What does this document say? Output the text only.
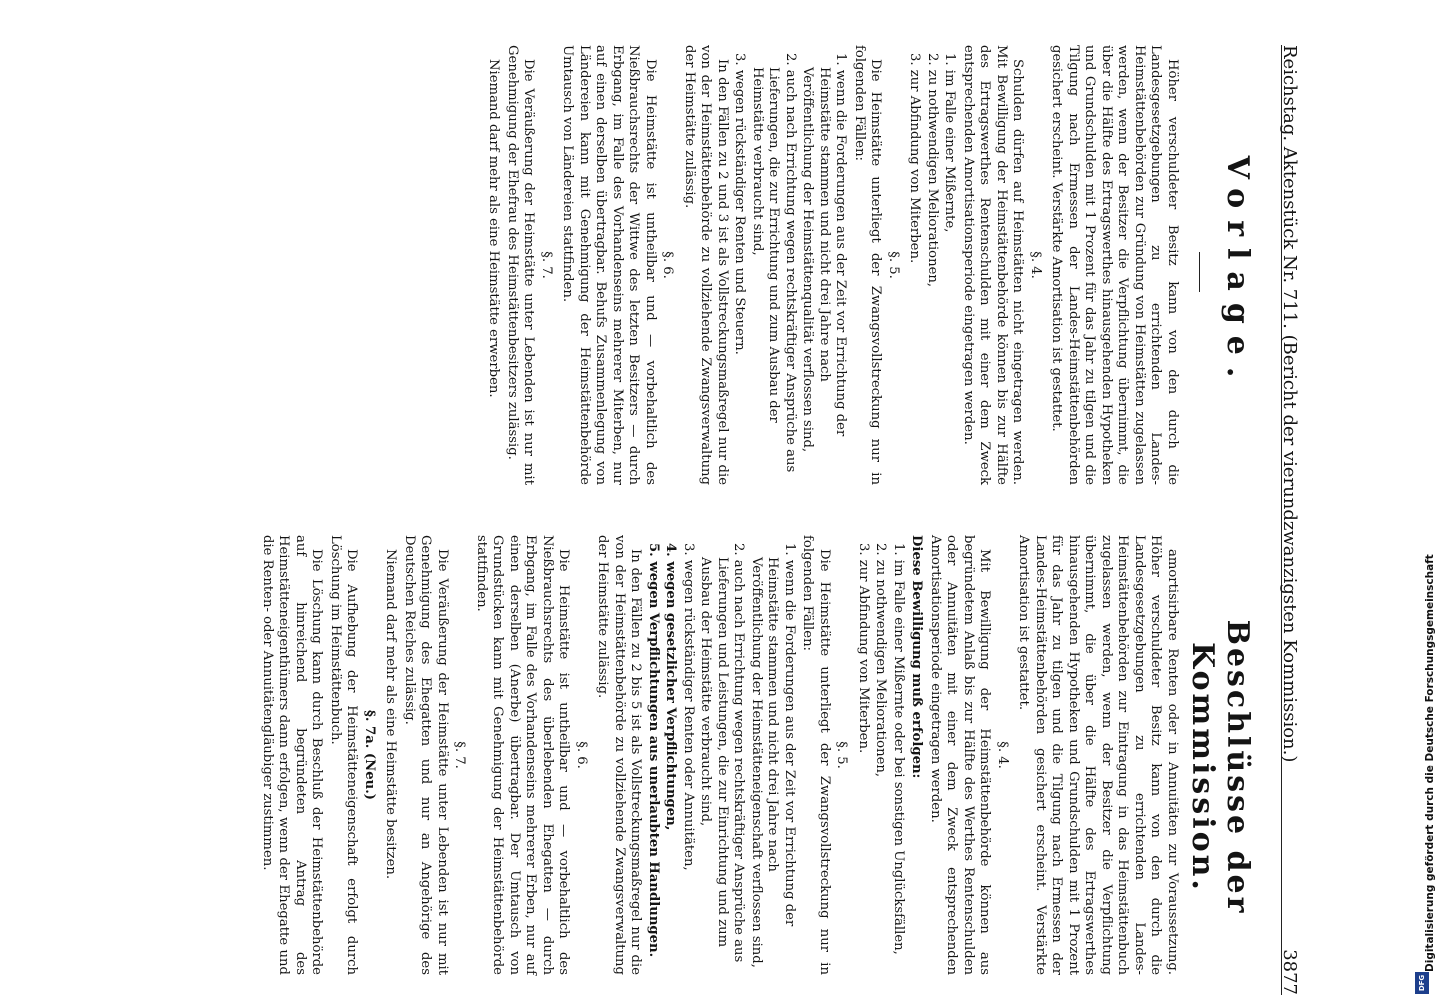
Reichstag. Aktenstück Nr. 711. (Bericht der vierundzwanzigsten Kommission.)
3877
Vorlage.
Beschlüsse der Kommission.

Höher verschuldeter Besitz kann von den durch die Landesgesetzgebungen zu errichtenden Landes-Heimstättenbehörden zur Gründung von Heimstätten zugelassen werden, wenn der Besitzer die Verpflichtung übernimmt, die über die Hälfte des Ertragswerthes hinausgehenden Hypotheken und Grundschulden mit 1 Prozent für das Jahr zu tilgen und die Tilgung nach Ermessen der Landes-Heimstättenbehörden gesichert erscheint. Verstärkte Amortisation ist gestattet.

§. 4.

Schulden dürfen auf Heimstätten nicht eingetragen werden. Mit Bewilligung der Heimstättenbehörde können bis zur Hälfte des Ertragswerthes Rentenschulden mit einer dem Zweck entsprechenden Amortisationsperiode eingetragen werden.

1. im Falle einer Mißernte,
2. zu nothwendigen Meliorationen,
3. zur Abfindung von Miterben.
§. 5.

Die Heimstätte unterliegt der Zwangsvollstreckung nur in folgenden Fällen:

1. wenn die Forderungen aus der Zeit vor Errichtung der Heimstätte stammen und nicht drei Jahre nach Veröffentlichung der Heimstättenqualität verflossen sind,
2. auch nach Errichtung wegen rechtskräftiger Ansprüche aus Lieferungen, die zur Errichtung und zum Ausbau der Heimstätte verbraucht sind,
3. wegen rückständiger Renten und Steuern.

In den Fällen zu 2 und 3 ist als Vollstreckungsmaßregel nur die von der Heimstättenbehörde zu vollziehende Zwangsverwaltung der Heimstätte zulässig.

§. 6.

Die Heimstätte ist untheilbar und — vorbehaltlich des Nießbrauchsrechts der Wittwe des letzten Besitzers — durch Erbgang, im Falle des Vorhandenseins mehrerer Miterben, nur auf einen derselben übertragbar. Behufs Zusammenlegung von Ländereien kann mit Genehmigung der Heimstättenbehörde Umtausch von Ländereien stattfinden.

§. 7.

Die Veräußerung der Heimstätte unter Lebenden ist nur mit Genehmigung der Ehefrau des Heimstättenbesitzers zulässig.

Niemand darf mehr als eine Heimstätte erwerben.

amortisirbare Renten oder in Annuitäten zur Voraussetzung. Höher verschuldeter Besitz kann von den durch die Landesgesetzgebungen zu errichtenden Landes-Heimstättenbehörden zur Eintragung in das Heimstättenbuch zugelassen werden, wenn der Besitzer die Verpflichtung übernimmt, die über die Hälfte des Ertragswerthes hinausgehenden Hypotheken und Grundschulden mit 1 Prozent für das Jahr zu tilgen und die Tilgung nach Ermessen der Landes-Heimstättenbehörden gesichert erscheint. Verstärkte Amortisation ist gestattet.

§. 4.

Mit Bewilligung der Heimstättenbehörde können aus begründetem Anlaß bis zur Hälfte des Werthes Rentenschulden oder Annuitäten mit einer dem Zweck entsprechenden Amortisationsperiode eingetragen werden.

Diese Bewilligung muß erfolgen:

1. im Falle einer Mißernte oder bei sonstigen Unglücksfällen,
2. zu nothwendigen Meliorationen,
3. zur Abfindung von Miterben.
§. 5.

Die Heimstätte unterliegt der Zwangsvollstreckung nur in folgenden Fällen:

1. wenn die Forderungen aus der Zeit vor Errichtung der Heimstätte stammen und nicht drei Jahre nach Veröffentlichung der Heimstätteneigenschaft verflossen sind,
2. auch nach Errichtung wegen rechtskräftiger Ansprüche aus Lieferungen und Leistungen, die zur Einrichtung und zum Ausbau der Heimstätte verbraucht sind,
3. wegen rückständiger Renten oder Annuitäten,
4. wegen gesetzlicher Verpflichtungen,
5. wegen Verpflichtungen aus unerlaubten Handlungen.

In den Fällen zu 2 bis 5 ist als Vollstreckungsmaßregel nur die von der Heimstättenbehörde zu vollziehende Zwangsverwaltung der Heimstätte zulässig.

§. 6.

Die Heimstätte ist untheilbar und — vorbehaltlich des Nießbrauchsrechts des überlebenden Ehegatten — durch Erbgang, im Falle des Vorhandenseins mehrerer Erben, nur auf einen derselben (Anerbe) übertragbar. Der Umtausch von Grundstücken kann mit Genehmigung der Heimstättenbehörde stattfinden.

§. 7.

Die Veräußerung der Heimstätte unter Lebenden ist nur mit Genehmigung des Ehegatten und nur an Angehörige des Deutschen Reiches zulässig.

Niemand darf mehr als eine Heimstätte besitzen.

§. 7a. (Neu.)

Die Aufhebung der Heimstätteneigenschaft erfolgt durch Löschung im Heimstättenbuch.

Die Löschung kann durch Beschluß der Heimstättenbehörde auf hinreichend begründeten Antrag des Heimstätteneigenthümers dann erfolgen, wenn der Ehegatte und die Renten- oder Annuitätengläubiger zustimmen.	Digitalisierung gefördert durch die Deutsche Forschungsgemeinschaft
DFG
